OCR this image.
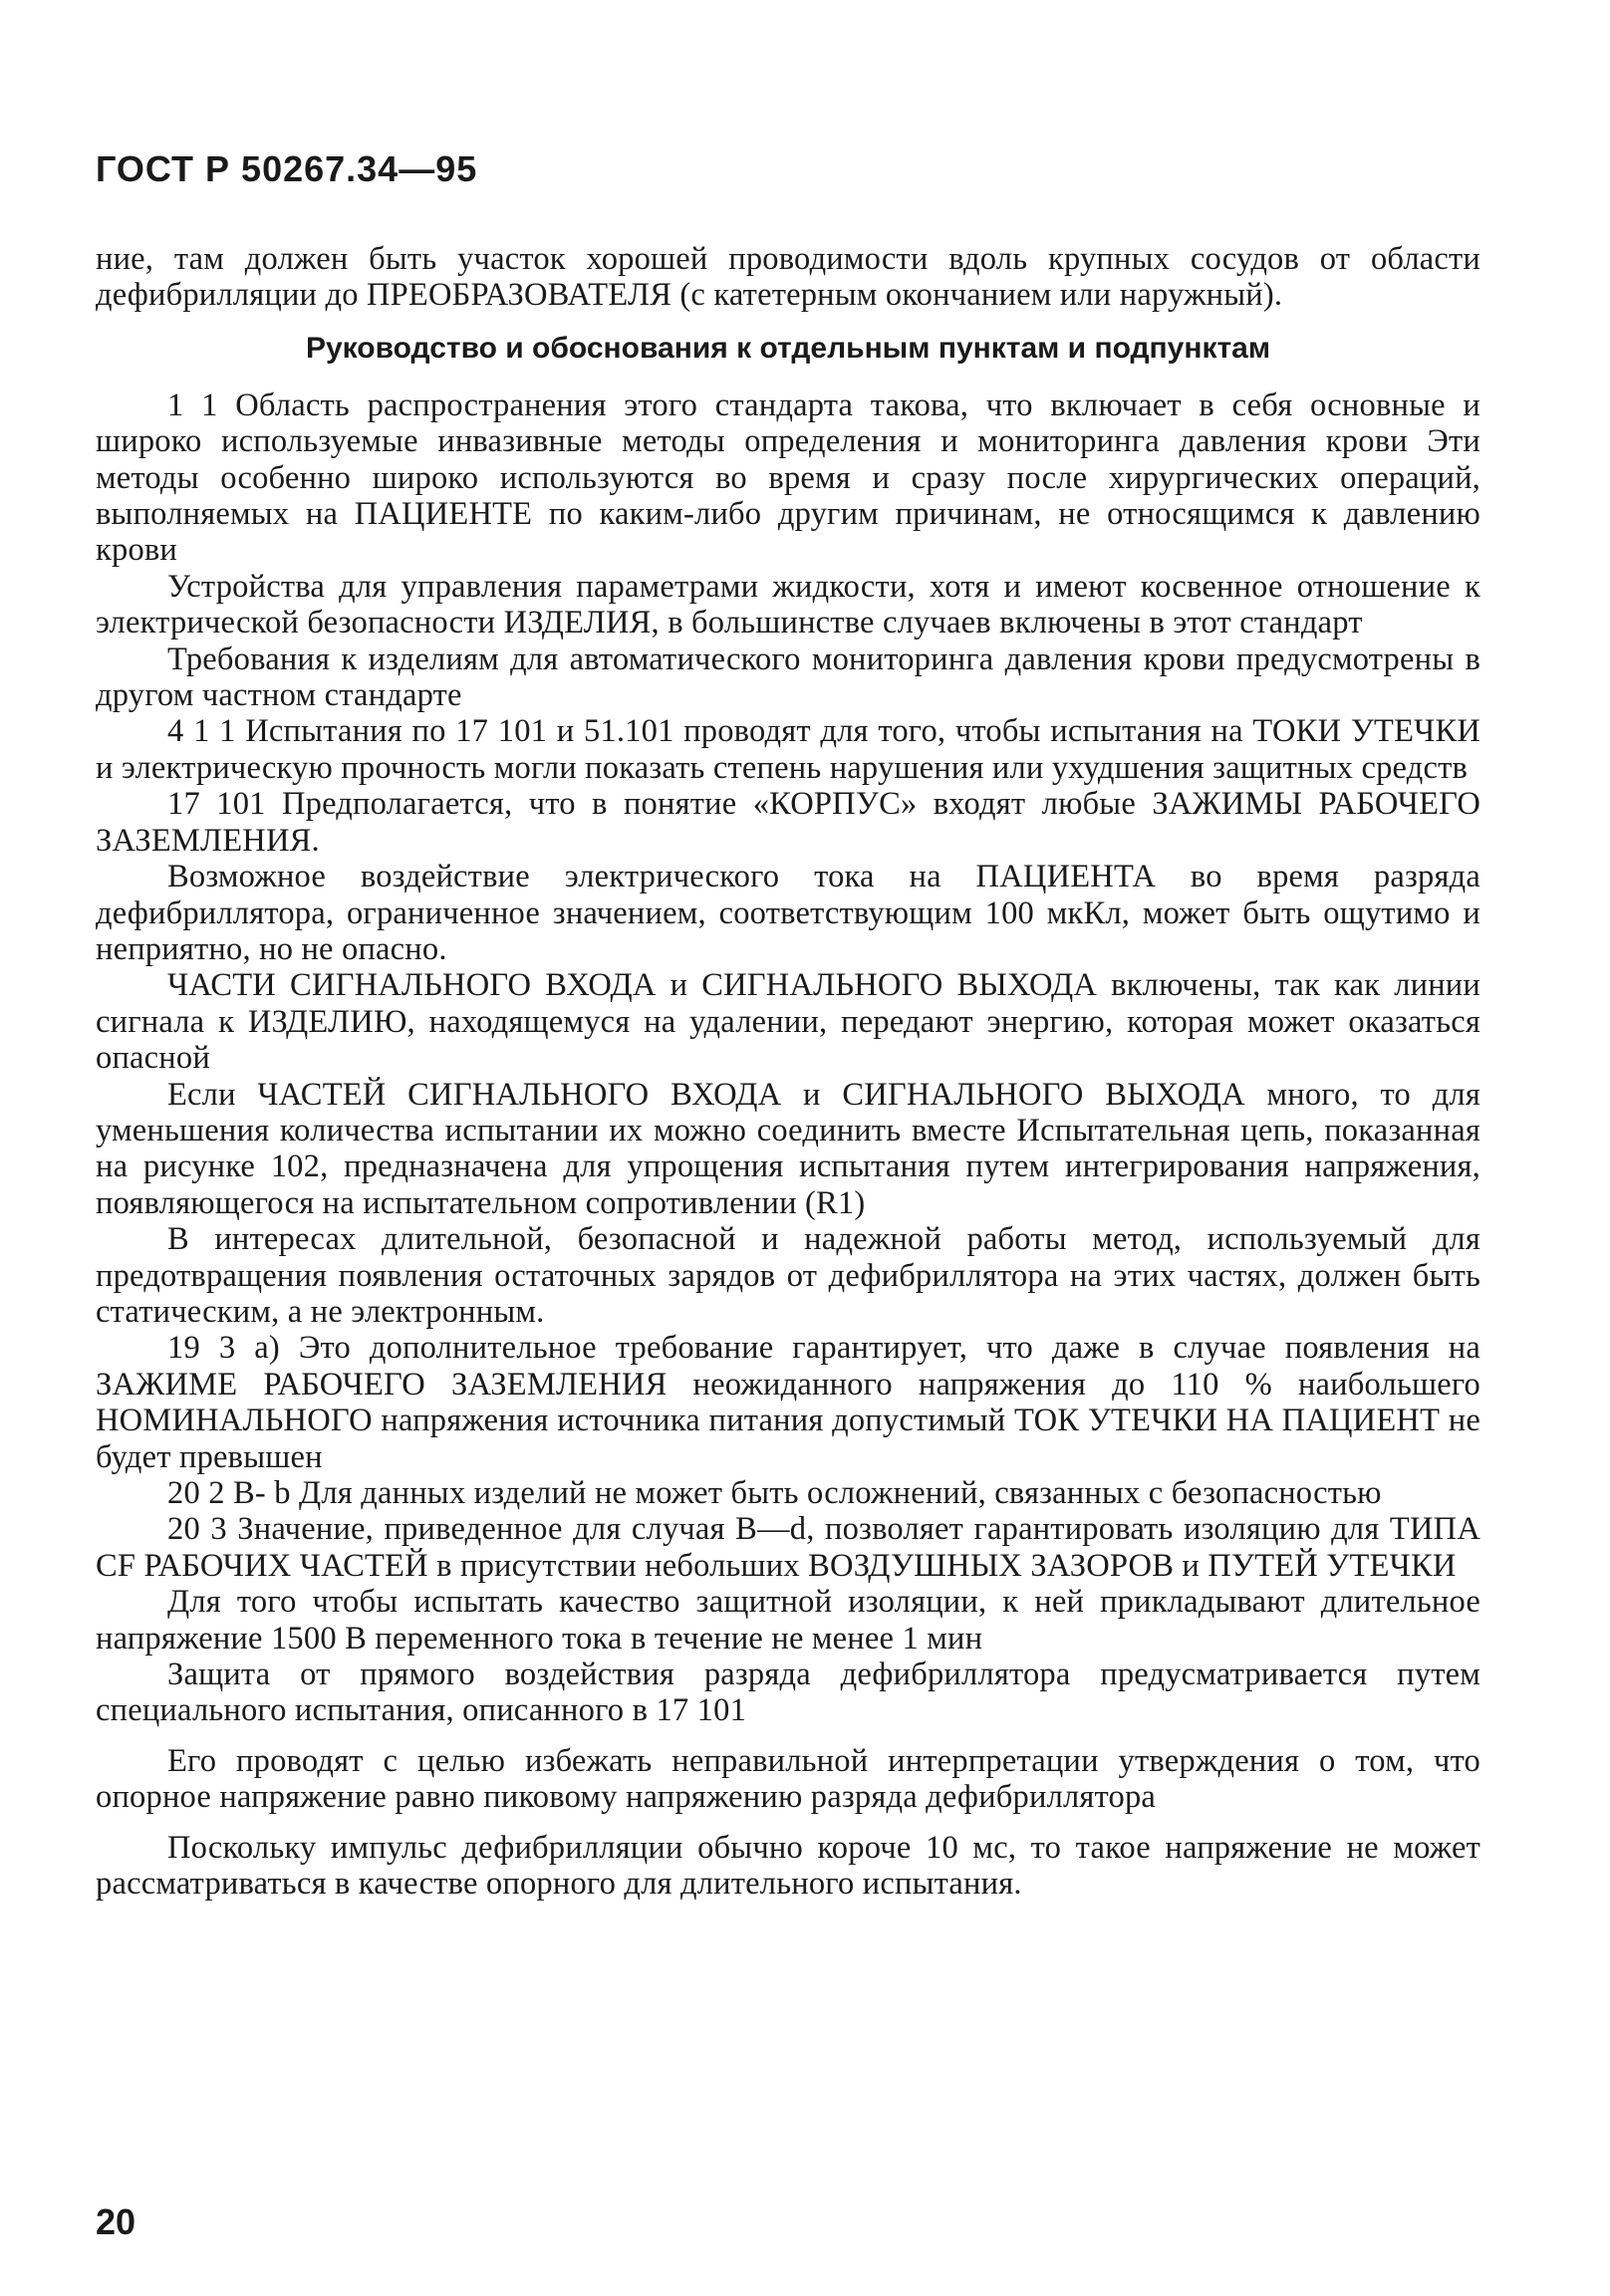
ГОСТ Р 50267.34—95

ние, там должен быть участок хорошей проводимости вдоль крупных сосудов от области дефибрилляции до ПРЕОБРАЗОВАТЕЛЯ (с катетерным окончанием или наружный).

Руководство и обоснования к отдельным пунктам и подпунктам

1 1 Область распространения этого стандарта такова, что включает в себя основные и широко используемые инвазивные методы определения и мониторинга давления крови Эти методы особенно широко используются во время и сразу после хирургических операций, выполняемых на ПАЦИЕНТЕ по каким-либо другим причинам, не относящимся к давлению крови

Устройства для управления параметрами жидкости, хотя и имеют косвенное отношение к электрической безопасности ИЗДЕЛИЯ, в большинстве случаев включены в этот стандарт

Требования к изделиям для автоматического мониторинга давления крови предусмотрены в другом частном стандарте

4 1 1 Испытания по 17 101 и 51.101 проводят для того, чтобы испытания на ТОКИ УТЕЧКИ и электрическую прочность могли показать степень нарушения или ухудшения защитных средств

17 101 Предполагается, что в понятие «КОРПУС» входят любые ЗАЖИМЫ РАБОЧЕГО ЗАЗЕМЛЕНИЯ.

Возможное воздействие электрического тока на ПАЦИЕНТА во время разряда дефибриллятора, ограниченное значением, соответствующим 100 мкКл, может быть ощутимо и неприятно, но не опасно.

ЧАСТИ СИГНАЛЬНОГО ВХОДА и СИГНАЛЬНОГО ВЫХОДА включены, так как линии сигнала к ИЗДЕЛИЮ, находящемуся на удалении, передают энергию, которая может оказаться опасной

Если ЧАСТЕЙ СИГНАЛЬНОГО ВХОДА и СИГНАЛЬНОГО ВЫХОДА много, то для уменьшения количества испытании их можно соединить вместе Испытательная цепь, показанная на рисунке 102, предназначена для упрощения испытания путем интегрирования напряжения, появляющегося на испытательном сопротивлении (R1)

В интересах длительной, безопасной и надежной работы метод, используемый для предотвращения появления остаточных зарядов от дефибриллятора на этих частях, должен быть статическим, а не электронным.

19 3 а) Это дополнительное требование гарантирует, что даже в случае появления на ЗАЖИМЕ РАБОЧЕГО ЗАЗЕМЛЕНИЯ неожиданного напряжения до 110 % наибольшего НОМИНАЛЬНОГО напряжения источника питания допустимый ТОК УТЕЧКИ НА ПАЦИЕНТ не будет превышен

20 2 В- b Для данных изделий не может быть осложнений, связанных с безопасностью

20 3 Значение, приведенное для случая В—d, позволяет гарантировать изоляцию для ТИПА CF РАБОЧИХ ЧАСТЕЙ в присутствии небольших ВОЗДУШНЫХ ЗАЗОРОВ и ПУТЕЙ УТЕЧКИ

Для того чтобы испытать качество защитной изоляции, к ней прикладывают длительное напряжение 1500 В переменного тока в течение не менее 1 мин

Защита от прямого воздействия разряда дефибриллятора предусматривается путем специального испытания, описанного в 17 101

Его проводят с целью избежать неправильной интерпретации утверждения о том, что опорное напряжение равно пиковому напряжению разряда дефибриллятора

Поскольку импульс дефибрилляции обычно короче 10 мс, то такое напряжение не может рассматриваться в качестве опорного для длительного испытания.

20
